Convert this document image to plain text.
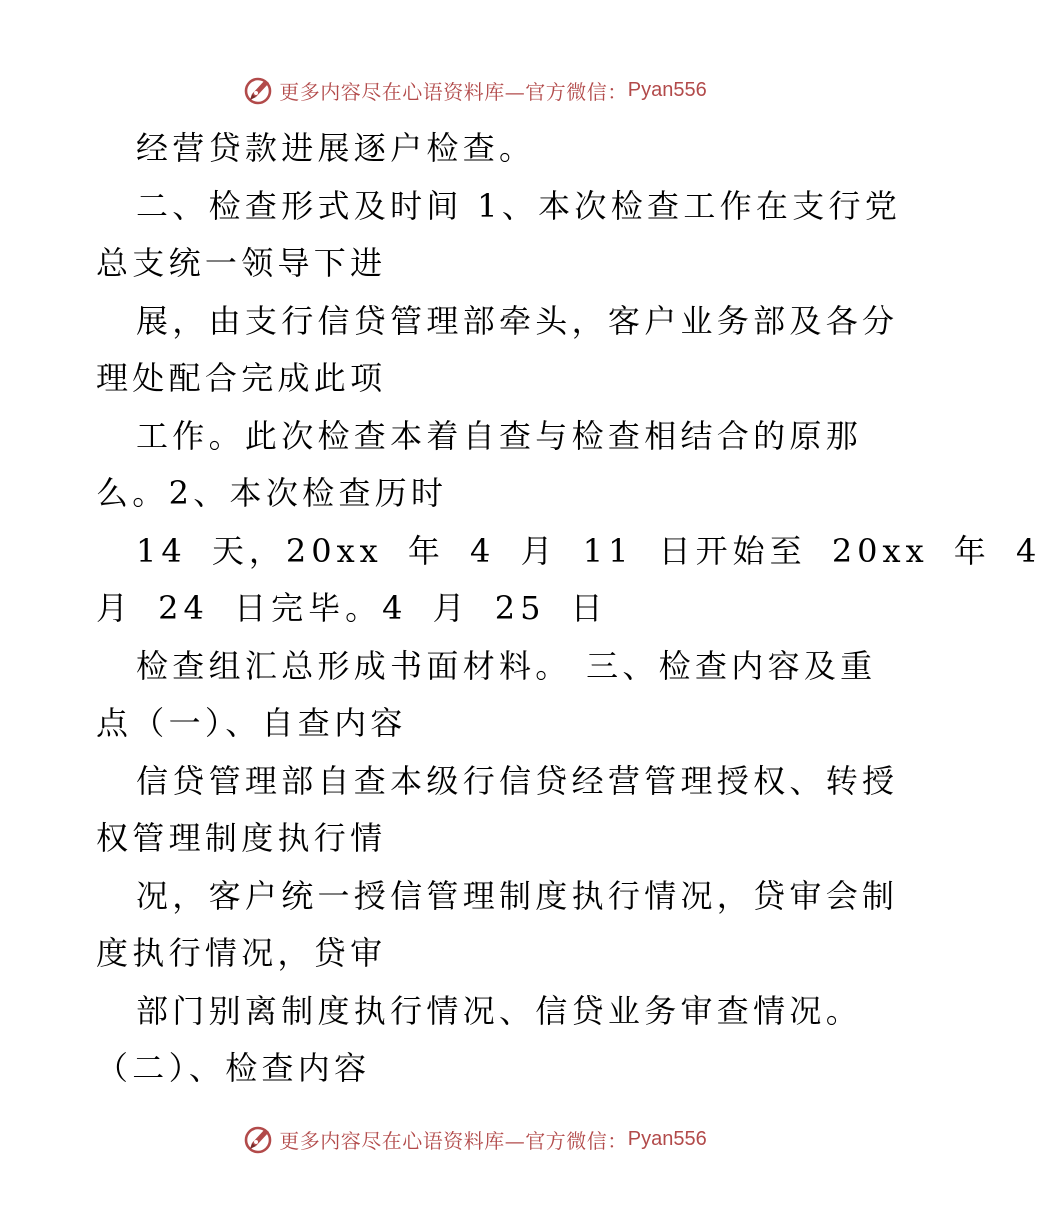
更多内容尽在心语资料库—官方微信： Pyan556
经营贷款进展逐户检查。
二、检查形式及时间 1、本次检查工作在支行党
总支统一领导下进
展，由支行信贷管理部牵头，客户业务部及各分
理处配合完成此项
工作。此次检查本着自查与检查相结合的原那
么。2、本次检查历时
14 天，20xx 年 4 月 11 日开始至 20xx 年 4
月 24 日完毕。4 月 25 日
检查组汇总形成书面材料。 三、检查内容及重
点（一）、自查内容
信贷管理部自查本级行信贷经营管理授权、转授
权管理制度执行情
况，客户统一授信管理制度执行情况，贷审会制
度执行情况，贷审
部门别离制度执行情况、信贷业务审查情况。
（二）、检查内容
更多内容尽在心语资料库—官方微信： Pyan556
